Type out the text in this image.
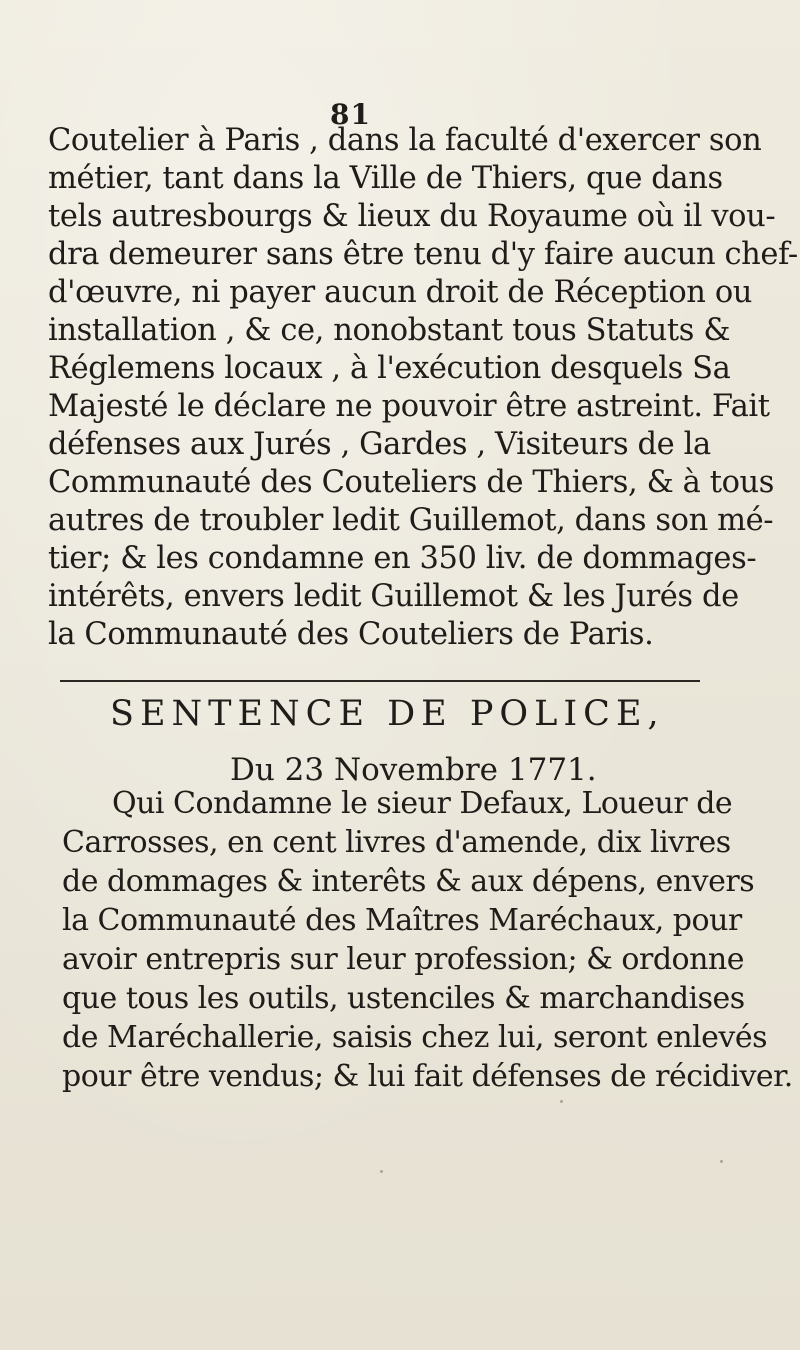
81

Coutelier à Paris , dans la faculté d'exercer son
métier, tant dans la Ville de Thiers, que dans
tels autresbourgs & lieux du Royaume où il vou-
dra demeurer sans être tenu d'y faire aucun chef-
d'œuvre, ni payer aucun droit de Réception ou
installation , & ce, nonobstant tous Statuts &
Réglemens locaux , à l'exécution desquels Sa
Majesté le déclare ne pouvoir être astreint. Fait
défenses aux Jurés , Gardes , Visiteurs de la
Communauté des Couteliers de Thiers, & à tous
autres de troubler ledit Guillemot, dans son mé-
tier; & les condamne en 350 liv. de dommages-
intérêts, envers ledit Guillemot & les Jurés de
la Communauté des Couteliers de Paris.

SENTENCE DE POLICE,
Du 23 Novembre 1771.

Qui Condamne le sieur Defaux, Loueur de
Carrosses, en cent livres d'amende, dix livres
de dommages & interêts & aux dépens, envers
la Communauté des Maîtres Maréchaux, pour
avoir entrepris sur leur profession; & ordonne
que tous les outils, ustenciles & marchandises
de Maréchallerie, saisis chez lui, seront enlevés
pour être vendus; & lui fait défenses de récidiver.
